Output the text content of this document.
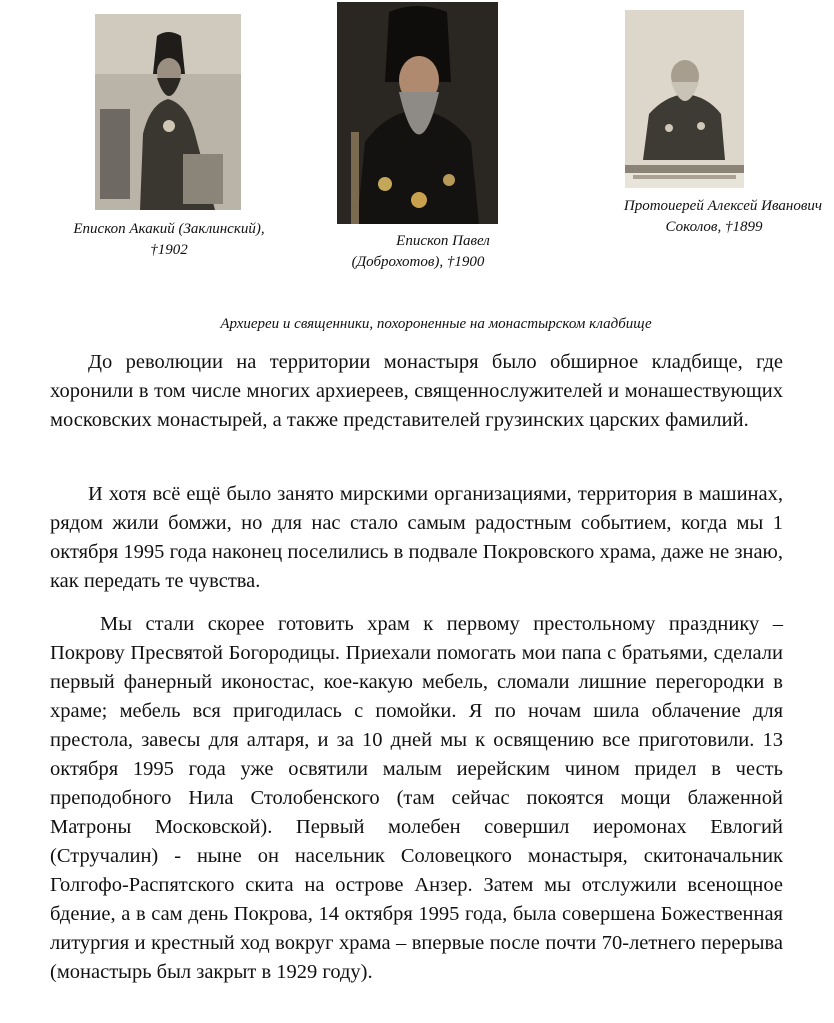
Епископ Акакий (Заклинский),
†1902

Епископ Павел
(Доброхотов), †1900

Протоиерей Алексей Иванович
Соколов, †1899

Архиереи и священники, похороненные на монастырском кладбище

До революции на территории монастыря было обширное кладбище, где хоронили в том числе многих архиереев, священнослужителей и монашествующих московских монастырей, а также представителей грузинских царских фамилий.

И хотя всё ещё было занято мирскими организациями, территория в машинах, рядом жили бомжи, но для нас стало самым радостным событием, когда мы 1 октября 1995 года наконец поселились в подвале Покровского храма, даже не знаю, как передать те чувства.

Мы стали скорее готовить храм к первому престольному празднику – Покрову Пресвятой Богородицы. Приехали помогать мои папа с братьями, сделали первый фанерный иконостас, кое-какую мебель, сломали лишние перегородки в храме; мебель вся пригодилась с помойки. Я по ночам шила облачение для престола, завесы для алтаря, и за 10 дней мы к освящению все приготовили. 13 октября 1995 года уже освятили малым иерейским чином придел в честь преподобного Нила Столобенского (там сейчас покоятся мощи блаженной Матроны Московской). Первый молебен совершил иеромонах Евлогий (Стручалин) - ныне он насельник Соловецкого монастыря, скитоначальник Голгофо-Распятского скита на острове Анзер. Затем мы отслужили всенощное бдение, а в сам день Покрова, 14 октября 1995 года, была совершена Божественная литургия и крестный ход вокруг храма – впервые после почти 70-летнего перерыва (монастырь был закрыт в 1929 году).
